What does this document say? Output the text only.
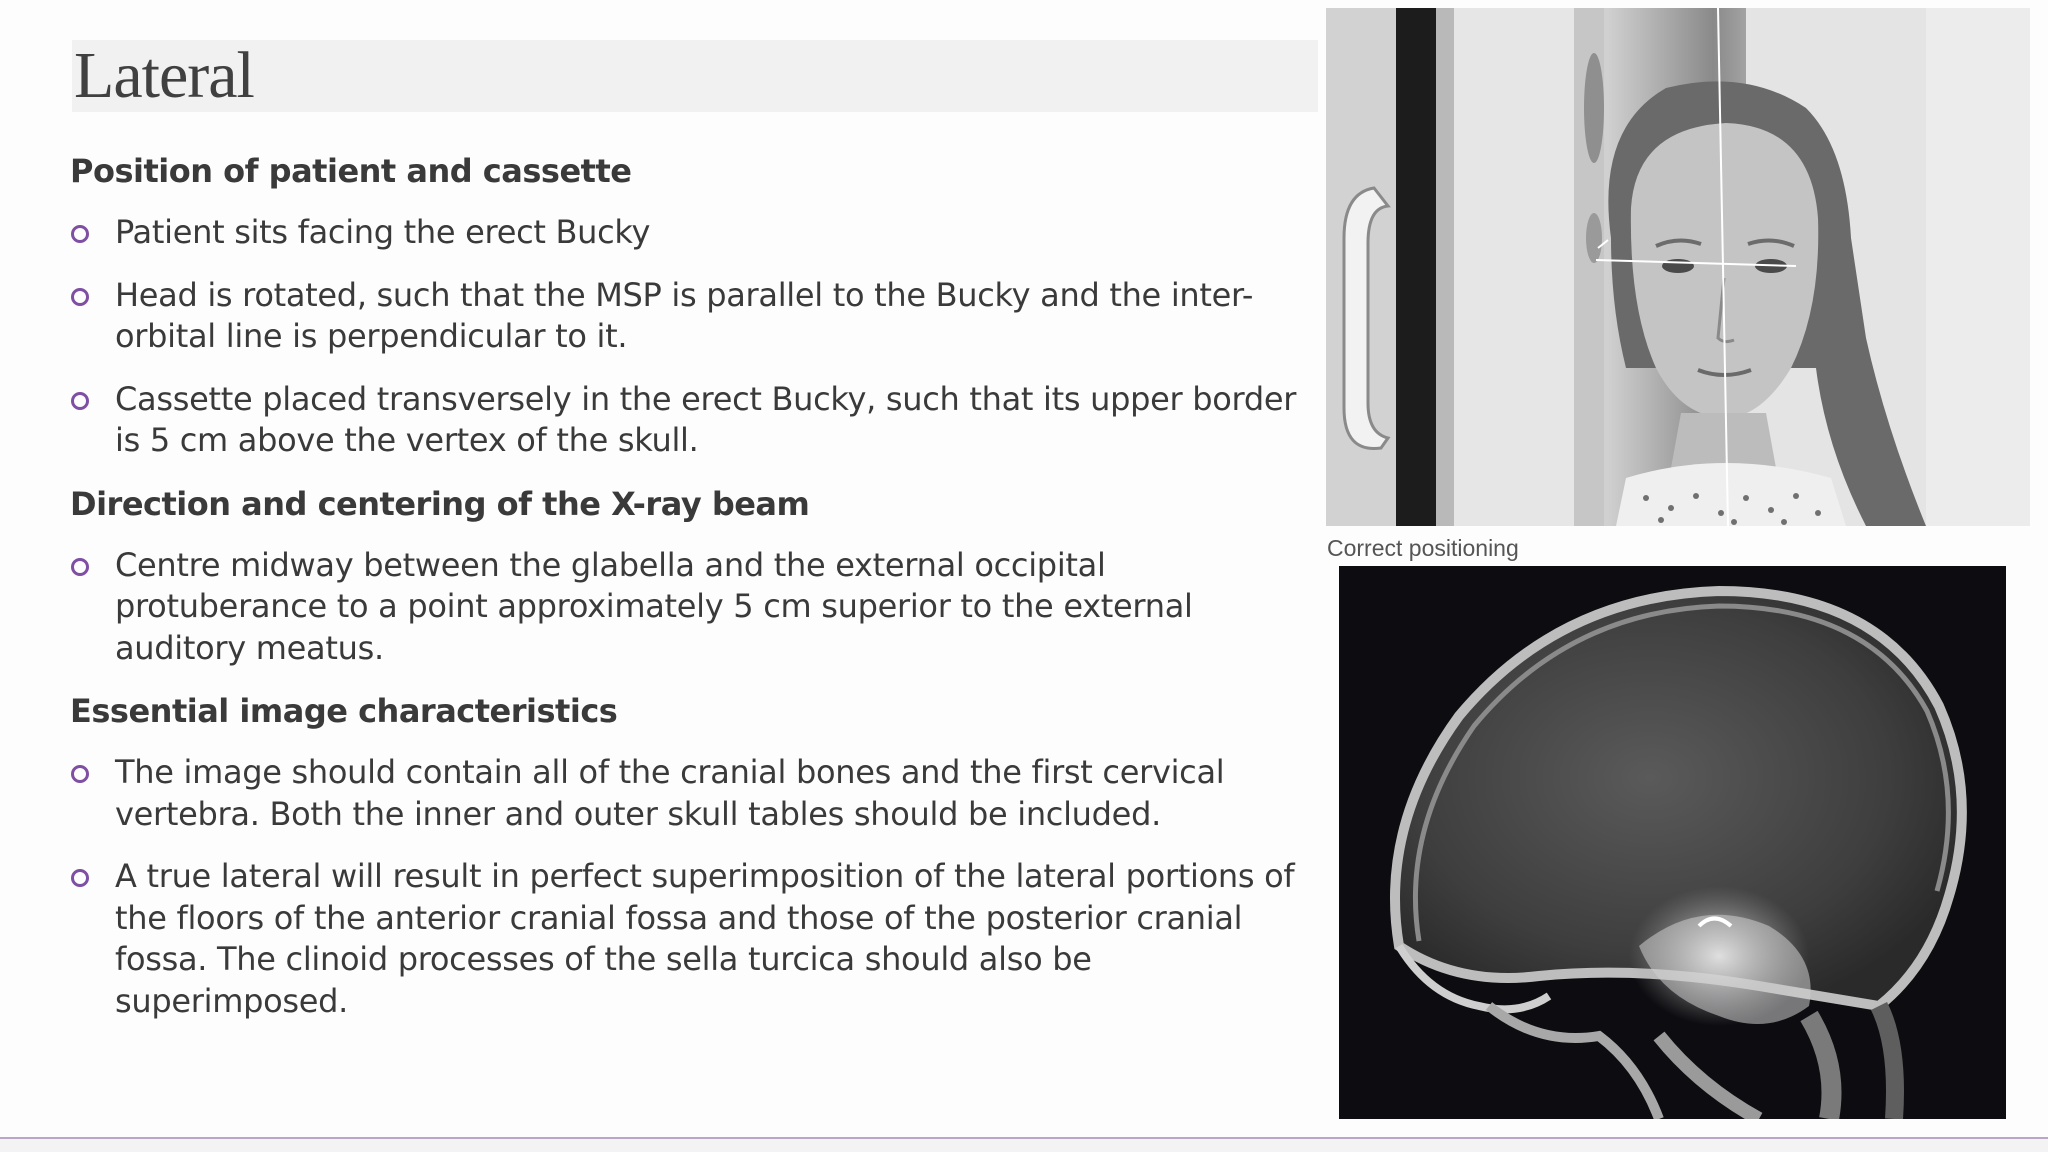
Lateral
Position of patient and cassette
Patient sits facing the erect Bucky
Head is rotated, such that the MSP is parallel to the Bucky and the inter-orbital line is perpendicular to it.
Cassette placed transversely in the erect Bucky, such that its upper border is 5 cm above the vertex of the skull.
Direction and centering of the X-ray beam
Centre midway between the glabella and the external occipital protuberance to a point approximately 5 cm superior to the external auditory meatus.
Essential image characteristics
The image should contain all of the cranial bones and the first cervical vertebra. Both the inner and outer skull tables should be included.
A true lateral will result in perfect superimposition of the lateral portions of the floors of the anterior cranial fossa and those of the posterior cranial fossa. The clinoid processes of the sella turcica should also be superimposed.
Correct positioning
